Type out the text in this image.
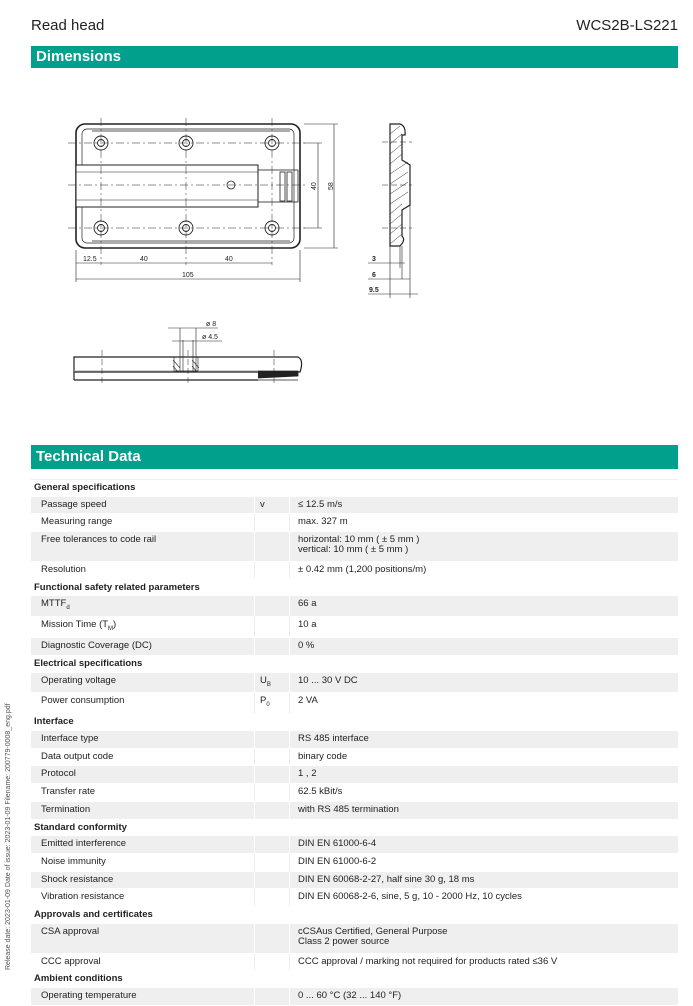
Read head	WCS2B-LS221
Dimensions
12.5	40	40
105
40 58
3
6
9.5
ø 8
ø 4.5
Technical Data
General specifications		
Passage speed	v	≤ 12.5 m/s
Measuring range		max. 327 m
Free tolerances to code rail		horizontal: 10 mm ( ± 5 mm )
vertical: 10 mm ( ± 5 mm )

Resolution		± 0.42 mm (1,200 positions/m)
Functional safety related parameters		
$MTTF_d$		66 a
Mission Time $(T_M)$		10 a
Diagnostic Coverage (DC)		0 %
Electrical specifications		
Operating voltage	$U_B$	10 ... 30 V DC
Power consumption	$P_0$	2 VA
Interface		
Interface type		RS 485 interface
Data output code		binary code
Protocol		1 , 2
Transfer rate		62.5 kBit/s
Termination		with RS 485 termination
Standard conformity		
Emitted interference		DIN EN 61000-6-4
Noise immunity		DIN EN 61000-6-2
Shock resistance		DIN EN 60068-2-27, half sine 30 g, 18 ms
Vibration resistance		DIN EN 60068-2-6, sine, 5 g, 10 - 2000 Hz, 10 cycles
Approvals and certificates		
CSA approval		cCSAus Certified, General Purpose
Class 2 power source

CCC approval		CCC approval / marking not required for products rated ≤36 V
Ambient conditions		
Operating temperature		0 ... 60 °C (32 ... 140 °F)
Release date: 2023-01-09 Date of issue: 2023-01-09 Filename: 200779-0008_eng.pdf
